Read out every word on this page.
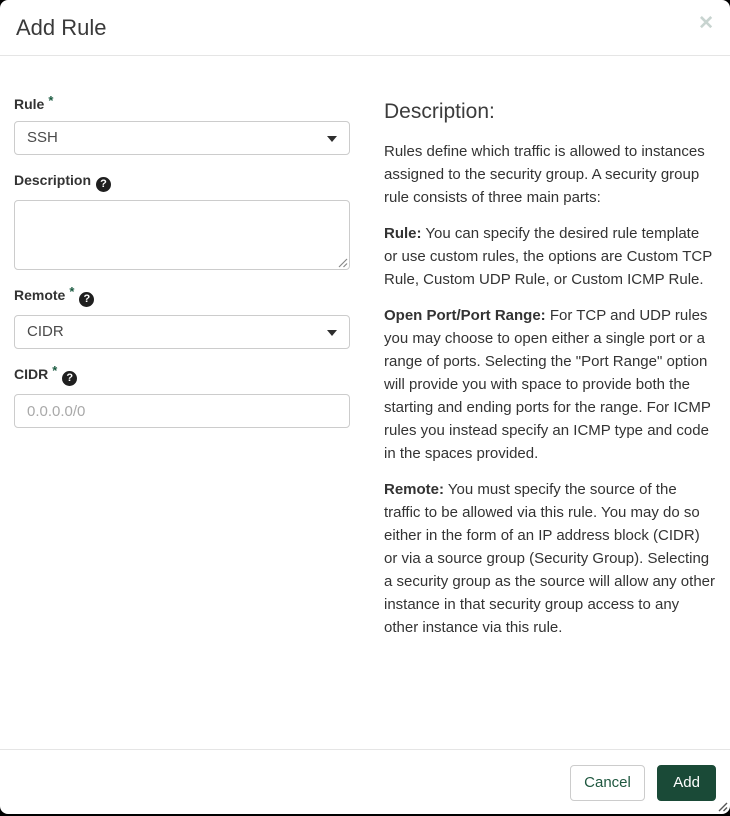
Add Rule	✕
Rule *
SSH
Description ?
Remote * ?
CIDR
CIDR * ?
0.0.0.0/0
Description:

Rules define which traffic is allowed to instances assigned to the security group. A security group rule consists of three main parts:

Rule: You can specify the desired rule template or use custom rules, the options are Custom TCP Rule, Custom UDP Rule, or Custom ICMP Rule.

Open Port/Port Range: For TCP and UDP rules you may choose to open either a single port or a range of ports. Selecting the "Port Range" option will provide you with space to provide both the starting and ending ports for the range. For ICMP rules you instead specify an ICMP type and code in the spaces provided.

Remote: You must specify the source of the traffic to be allowed via this rule. You may do so either in the form of an IP address block (CIDR) or via a source group (Security Group). Selecting a security group as the source will allow any other instance in that security group access to any other instance via this rule.

Cancel	Add
